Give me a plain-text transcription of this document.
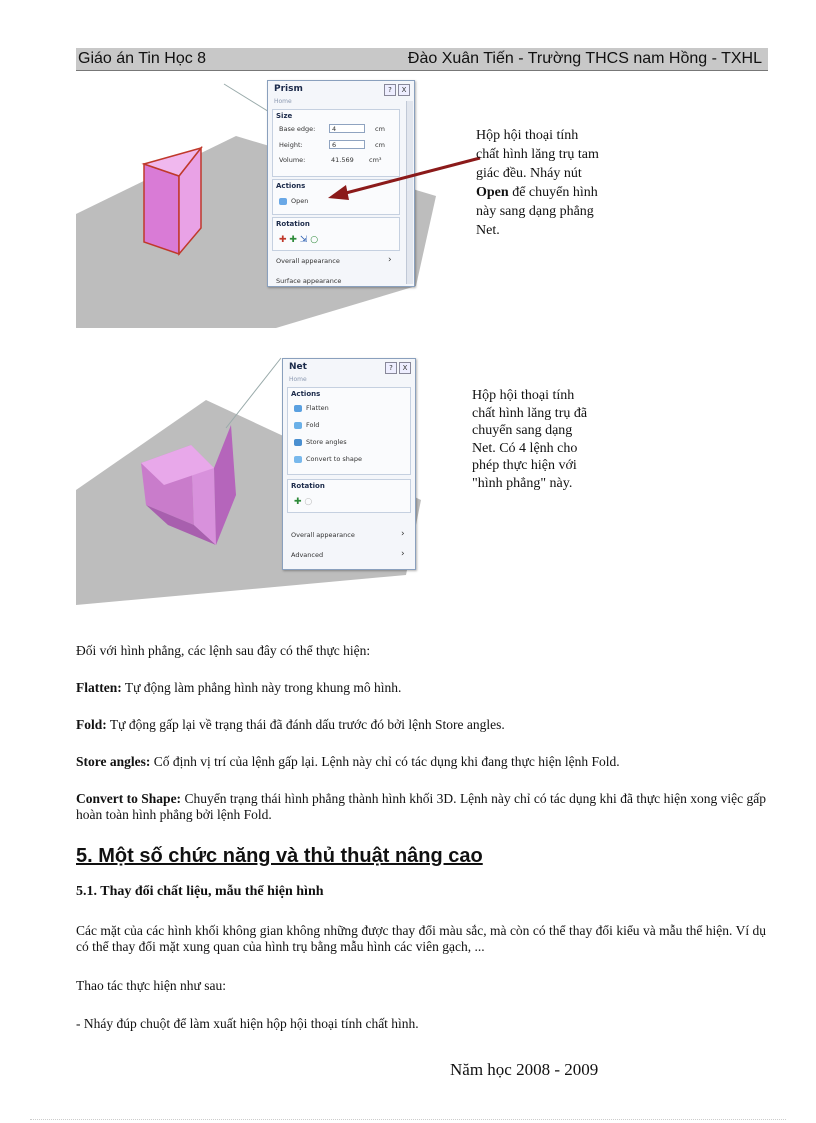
Giáo án Tin Học 8	Đào Xuân Tiến - Trường THCS nam Hồng - TXHL
Prism	?	X
Home
Size
Base edge:	4	cm
Height:	6	cm
Volume:	41.569 cm³
Actions
Open
Rotation
✚ ✚ ⇲ ○
Overall appearance	›
Surface appearance
Hộp hội thoại tính
chất hình lăng trụ tam
giác đều. Nháy nút
Open để chuyển hình
này sang dạng phẳng
Net.
Net	?	X
Home
Actions
Flatten
Fold
Store angles
Convert to shape
Rotation
✚ ○
Overall appearance	›
Advanced	›
Hộp hội thoại tính
chất hình lăng trụ đã
chuyển sang dạng
Net. Có 4 lệnh cho
phép thực hiện với
"hình phẳng" này.
Đối với hình phẳng, các lệnh sau đây có thể thực hiện:
Flatten: Tự động làm phẳng hình này trong khung mô hình.
Fold: Tự động gấp lại về trạng thái đã đánh dấu trước đó bởi lệnh Store angles.
Store angles: Cố định vị trí của lệnh gấp lại. Lệnh này chỉ có tác dụng khi đang thực hiện lệnh Fold.
Convert to Shape: Chuyển trạng thái hình phẳng thành hình khối 3D. Lệnh này chỉ có tác dụng khi đã thực hiện xong việc gấp hoàn toàn hình phẳng bởi lệnh Fold.
5. Một số chức năng và thủ thuật nâng cao
5.1. Thay đổi chất liệu, mẫu thể hiện hình
Các mặt của các hình khối không gian không những được thay đổi màu sắc, mà còn có thể thay đổi kiểu và mẫu thể hiện. Ví dụ có thể thay đổi mặt xung quan của hình trụ bằng mẫu hình các viên gạch, ...
Thao tác thực hiện như sau:
- Nháy đúp chuột để làm xuất hiện hộp hội thoại tính chất hình.
Năm học 2008 - 2009
